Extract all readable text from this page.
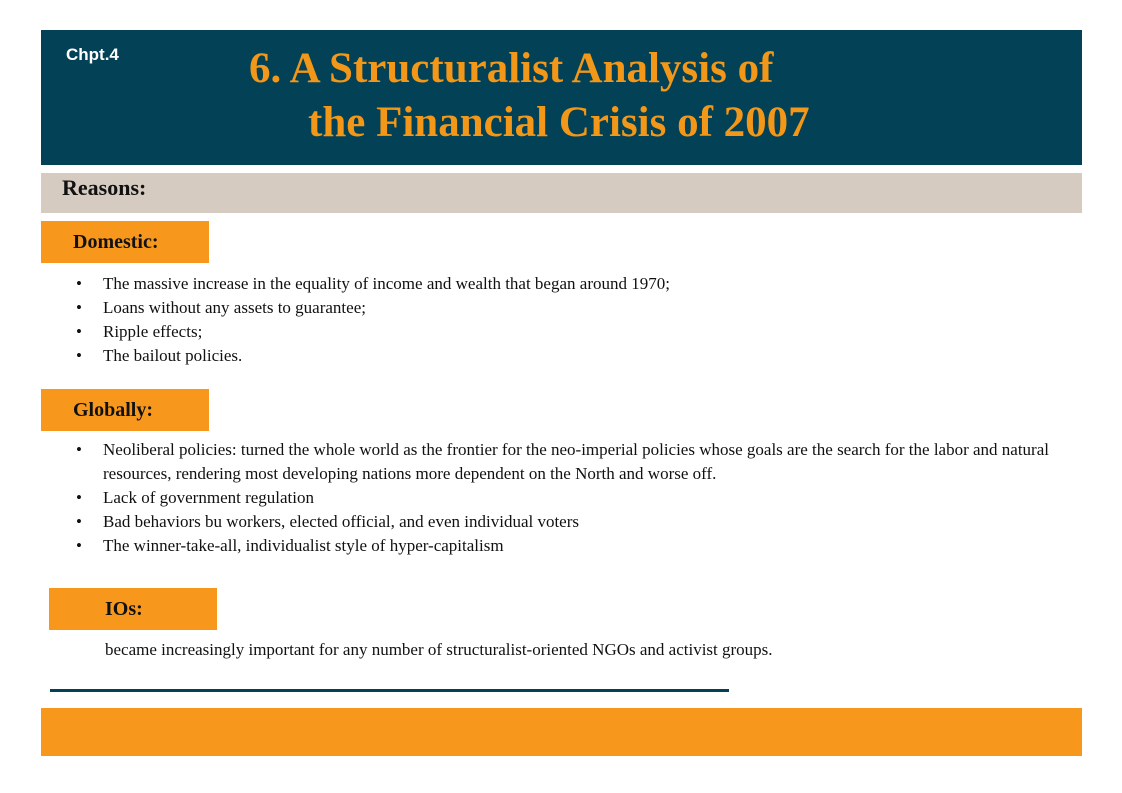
Chpt.4	6. A Structuralist Analysis of
the Financial Crisis of 2007
Reasons:
Domestic:
• The massive increase in the equality of income and wealth that began around 1970;
• Loans without any assets to guarantee;
• Ripple effects;
• The bailout policies.
Globally:
• Neoliberal policies: turned the whole world as the frontier for the neo-imperial policies whose goals are the search for the labor and natural resources, rendering most developing nations more dependent on the North and worse off.
• Lack of government regulation
• Bad behaviors bu workers, elected official, and even individual voters
• The winner-take-all, individualist style of hyper-capitalism
IOs:
became increasingly important for any number of structuralist-oriented NGOs and activist groups.
